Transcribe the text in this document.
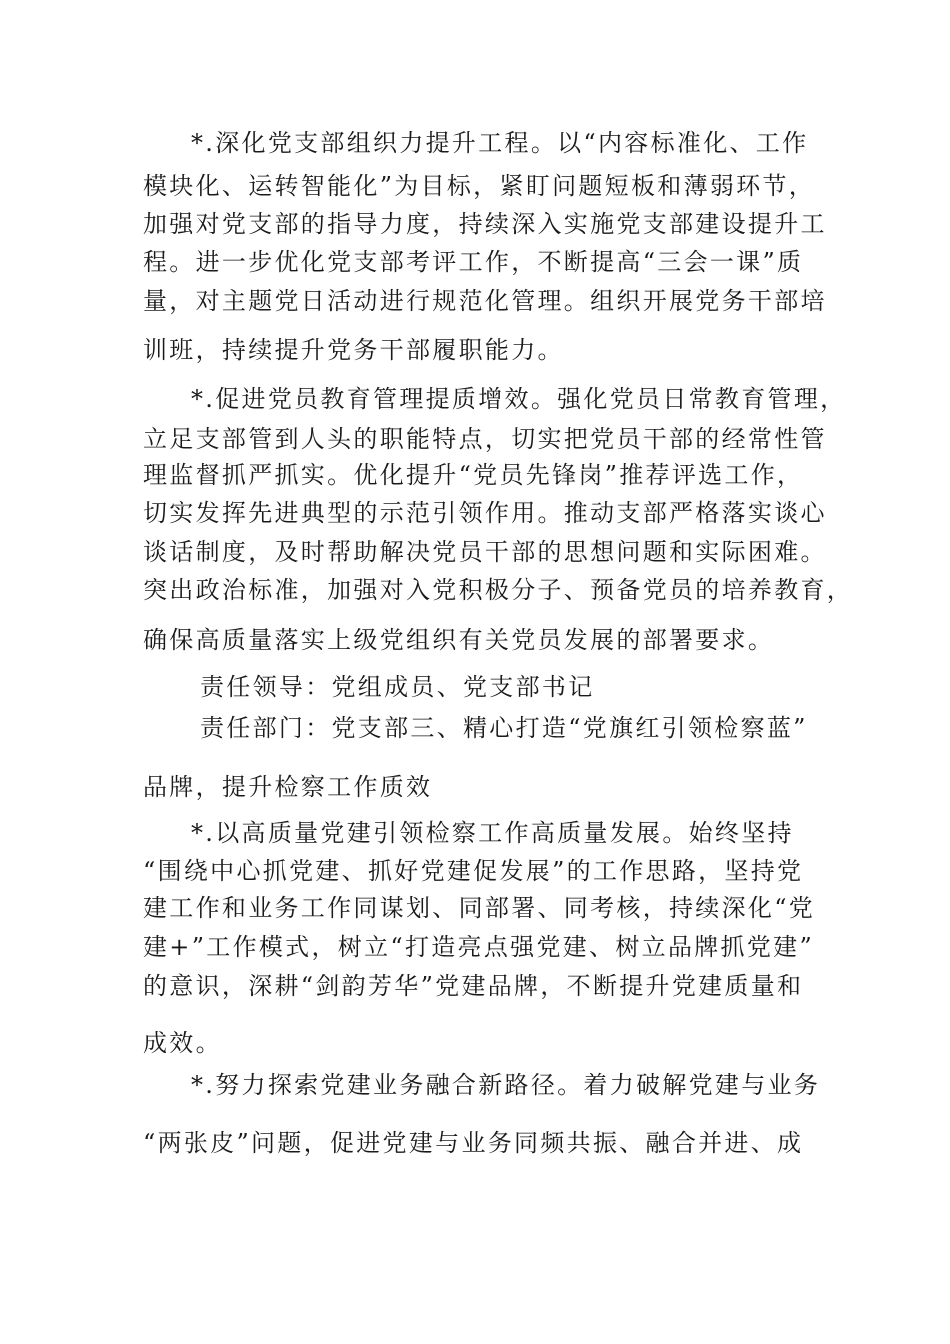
*.深化党支部组织力提升工程。以“内容标准化、工作
模块化、运转智能化”为目标，紧盯问题短板和薄弱环节，
加强对党支部的指导力度，持续深入实施党支部建设提升工
程。进一步优化党支部考评工作，不断提高“三会一课”质
量，对主题党日活动进行规范化管理。组织开展党务干部培
训班，持续提升党务干部履职能力。
*.促进党员教育管理提质增效。强化党员日常教育管理，
立足支部管到人头的职能特点，切实把党员干部的经常性管
理监督抓严抓实。优化提升“党员先锋岗”推荐评选工作，
切实发挥先进典型的示范引领作用。推动支部严格落实谈心
谈话制度，及时帮助解决党员干部的思想问题和实际困难。
突出政治标准，加强对入党积极分子、预备党员的培养教育，
确保高质量落实上级党组织有关党员发展的部署要求。
责任领导：党组成员、党支部书记
责任部门：党支部三、精心打造“党旗红引领检察蓝”
品牌，提升检察工作质效
*.以高质量党建引领检察工作高质量发展。始终坚持
“围绕中心抓党建、抓好党建促发展”的工作思路，坚持党
建工作和业务工作同谋划、同部署、同考核，持续深化“党
建+”工作模式，树立“打造亮点强党建、树立品牌抓党建”
的意识，深耕“剑韵芳华”党建品牌，不断提升党建质量和
成效。
*.努力探索党建业务融合新路径。着力破解党建与业务
“两张皮”问题，促进党建与业务同频共振、融合并进、成
